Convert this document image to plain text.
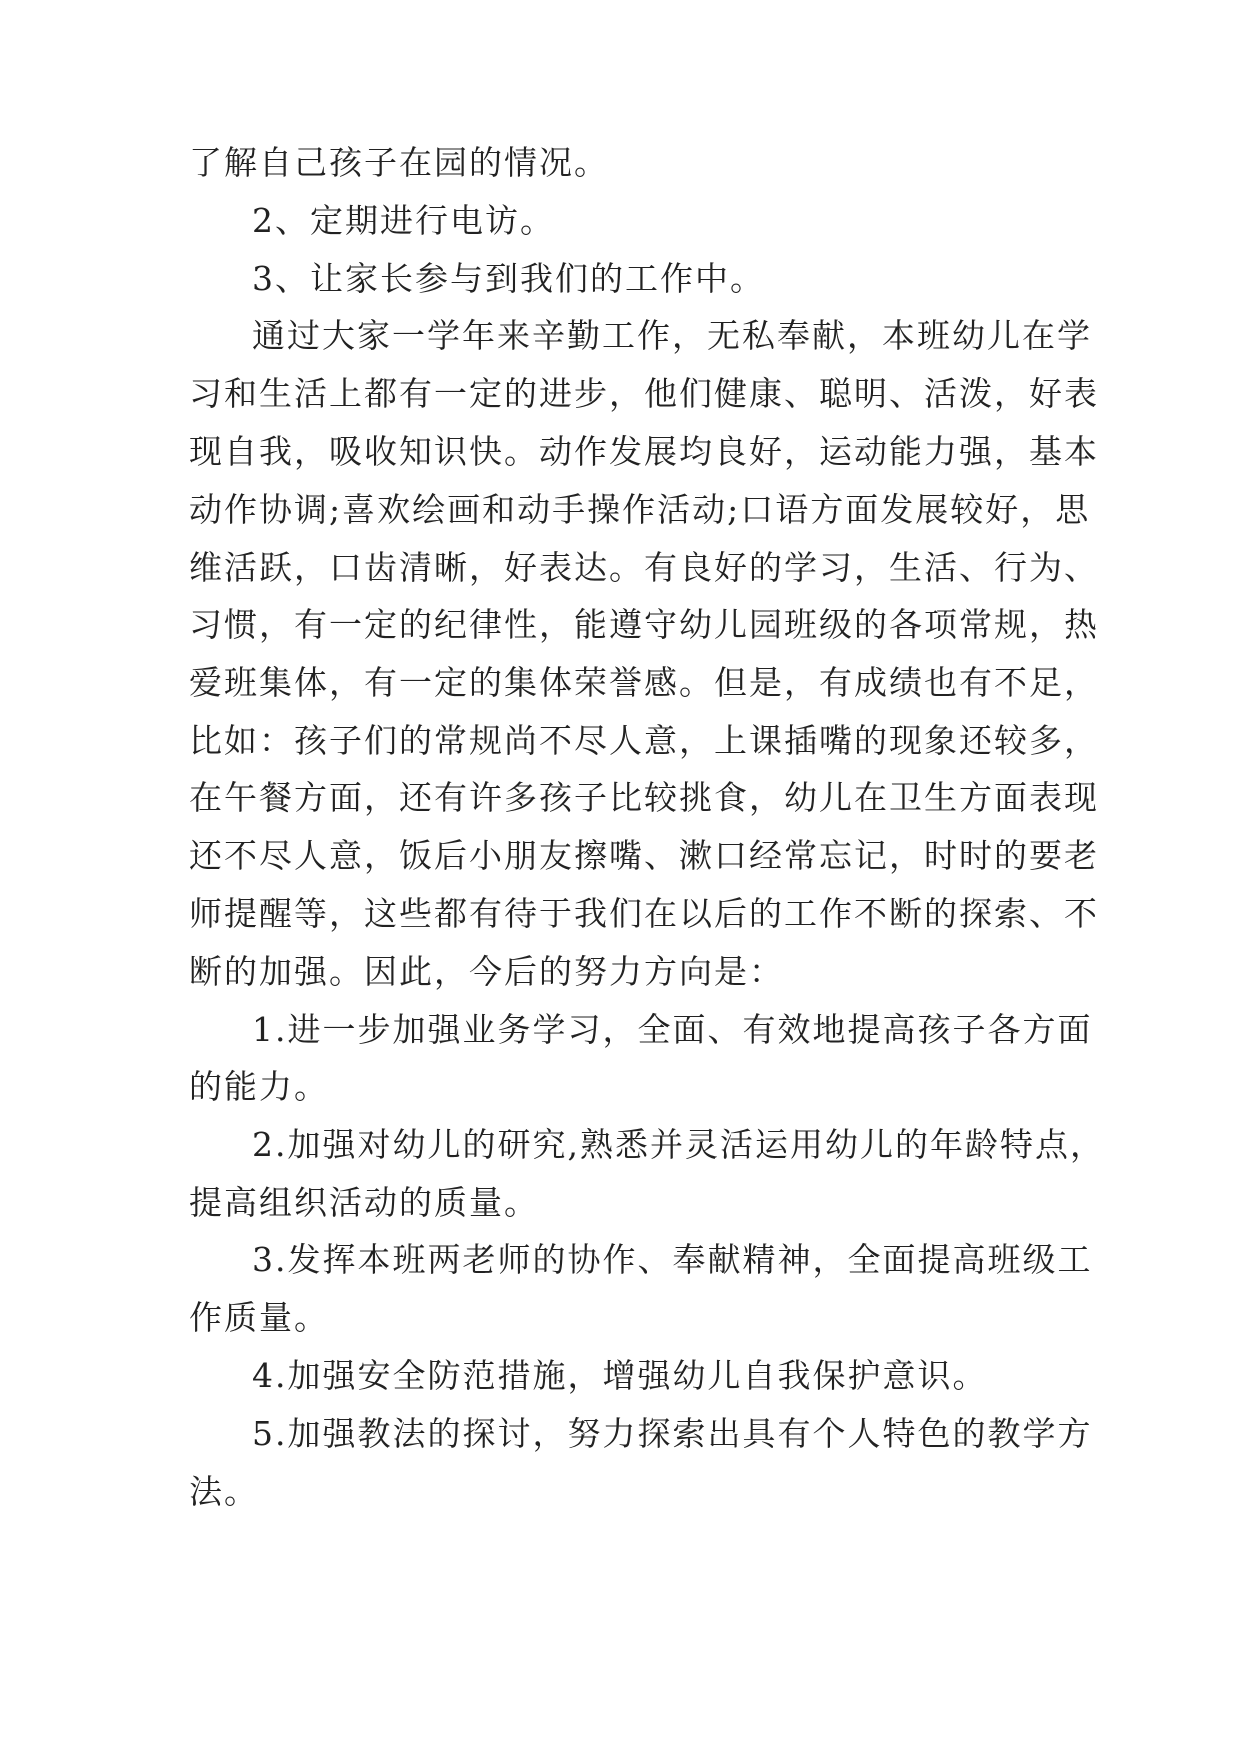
了解自己孩子在园的情况。
2、定期进行电访。
3、让家长参与到我们的工作中。
通过大家一学年来辛勤工作，无私奉献，本班幼儿在学
习和生活上都有一定的进步，他们健康、聪明、活泼，好表
现自我，吸收知识快。动作发展均良好，运动能力强，基本
动作协调;喜欢绘画和动手操作活动;口语方面发展较好，思
维活跃，口齿清晰，好表达。有良好的学习，生活、行为、
习惯，有一定的纪律性，能遵守幼儿园班级的各项常规，热
爱班集体，有一定的集体荣誉感。但是，有成绩也有不足，
比如：孩子们的常规尚不尽人意，上课插嘴的现象还较多，
在午餐方面，还有许多孩子比较挑食，幼儿在卫生方面表现
还不尽人意，饭后小朋友擦嘴、漱口经常忘记，时时的要老
师提醒等，这些都有待于我们在以后的工作不断的探索、不
断的加强。因此，今后的努力方向是：
1.进一步加强业务学习，全面、有效地提高孩子各方面
的能力。
2.加强对幼儿的研究,熟悉并灵活运用幼儿的年龄特点，
提高组织活动的质量。
3.发挥本班两老师的协作、奉献精神，全面提高班级工
作质量。
4.加强安全防范措施，增强幼儿自我保护意识。
5.加强教法的探讨，努力探索出具有个人特色的教学方
法。
